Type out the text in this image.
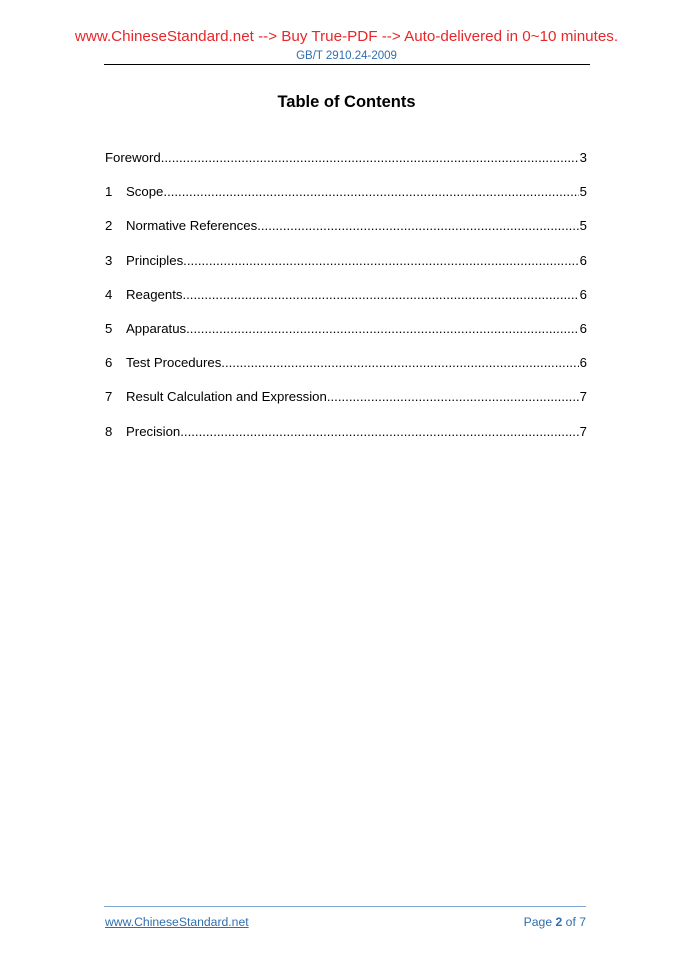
www.ChineseStandard.net --> Buy True-PDF --> Auto-delivered in 0~10 minutes.
GB/T 2910.24-2009
Table of Contents
Foreword .....	3
1	Scope .....	5
2	Normative References .....	5
3	Principles .....	6
4	Reagents .....	6
5	Apparatus .....	6
6	Test Procedures .....	6
7	Result Calculation and Expression .....	7
8	Precision .....	7
www.ChineseStandard.net	Page 2 of 7
